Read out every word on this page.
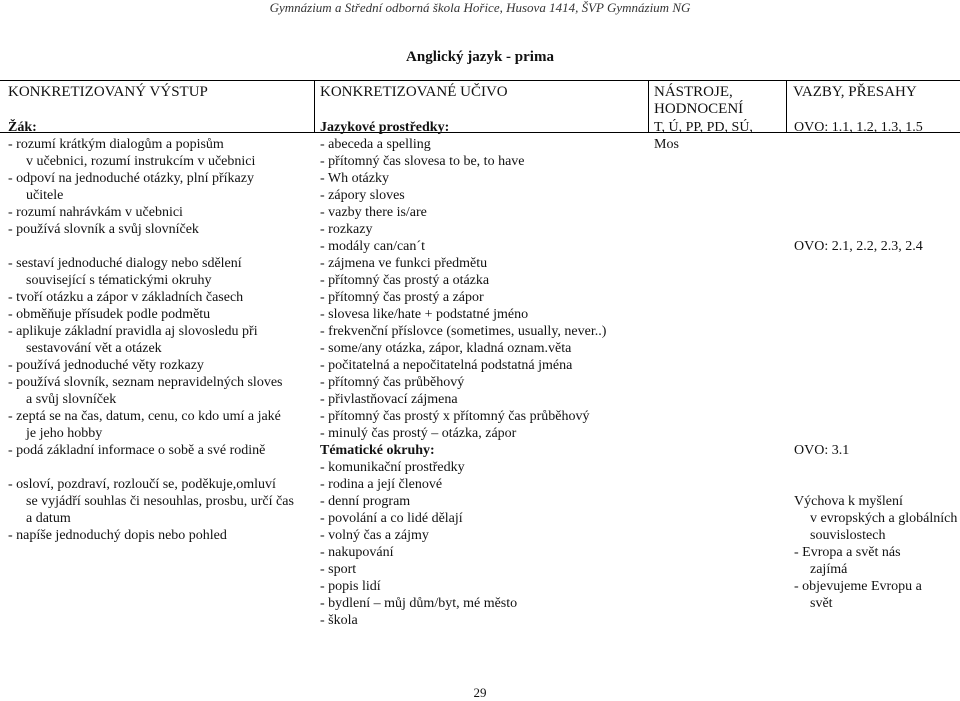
Gymnázium a Střední odborná škola Hořice, Husova 1414, ŠVP Gymnázium NG
Anglický jazyk - prima
KONKRETIZOVANÝ VÝSTUP	KONKRETIZOVANÉ UČIVO	NÁSTROJE,
HODNOCENÍ
VAZBY, PŘESAHY
Žák:
- rozumí krátkým dialogům a popisům
v učebnici, rozumí instrukcím v učebnici
- odpoví na jednoduché otázky, plní příkazy
učitele
- rozumí nahrávkám v učebnici
- používá slovník a svůj slovníček
- sestaví jednoduché dialogy nebo sdělení
související s tématickými okruhy
- tvoří otázku a zápor v základních časech
- obměňuje přísudek podle podmětu
- aplikuje základní pravidla aj slovosledu při
sestavování vět a otázek
- používá jednoduché věty rozkazy
- používá slovník, seznam nepravidelných sloves
a svůj slovníček
- zeptá se na čas, datum, cenu, co kdo umí a jaké
je jeho hobby
- podá základní informace o sobě a své rodině
- osloví, pozdraví, rozloučí se, poděkuje,omluví
se vyjádří souhlas či nesouhlas, prosbu, určí čas
a datum
- napíše jednoduchý dopis nebo pohled
Jazykové prostředky:
- abeceda a spelling
- přítomný čas slovesa to be, to have
- Wh otázky
- zápory sloves
- vazby there is/are
- rozkazy
- modály can/can´t
- zájmena ve funkci předmětu
- přítomný čas prostý a otázka
- přítomný čas prostý a zápor
- slovesa like/hate + podstatné jméno
- frekvenční příslovce (sometimes, usually, never..)
- some/any otázka, zápor, kladná oznam.věta
- počitatelná a nepočitatelná podstatná jména
- přítomný čas průběhový
- přivlastňovací zájmena
- přítomný čas prostý x přítomný čas průběhový
- minulý čas prostý – otázka, zápor
Tématické okruhy:
- komunikační prostředky
- rodina a její členové
- denní program
- povolání a co lidé dělají
- volný čas a zájmy
- nakupování
- sport
- popis lidí
- bydlení – můj dům/byt, mé město
- škola
T, Ú, PP, PD, SÚ,
Mos
OVO: 1.1, 1.2, 1.3, 1.5
OVO: 2.1, 2.2, 2.3, 2.4
OVO: 3.1
Výchova k myšlení
v evropských a globálních
souvislostech
- Evropa a svět nás
zajímá
- objevujeme Evropu a
svět
29
